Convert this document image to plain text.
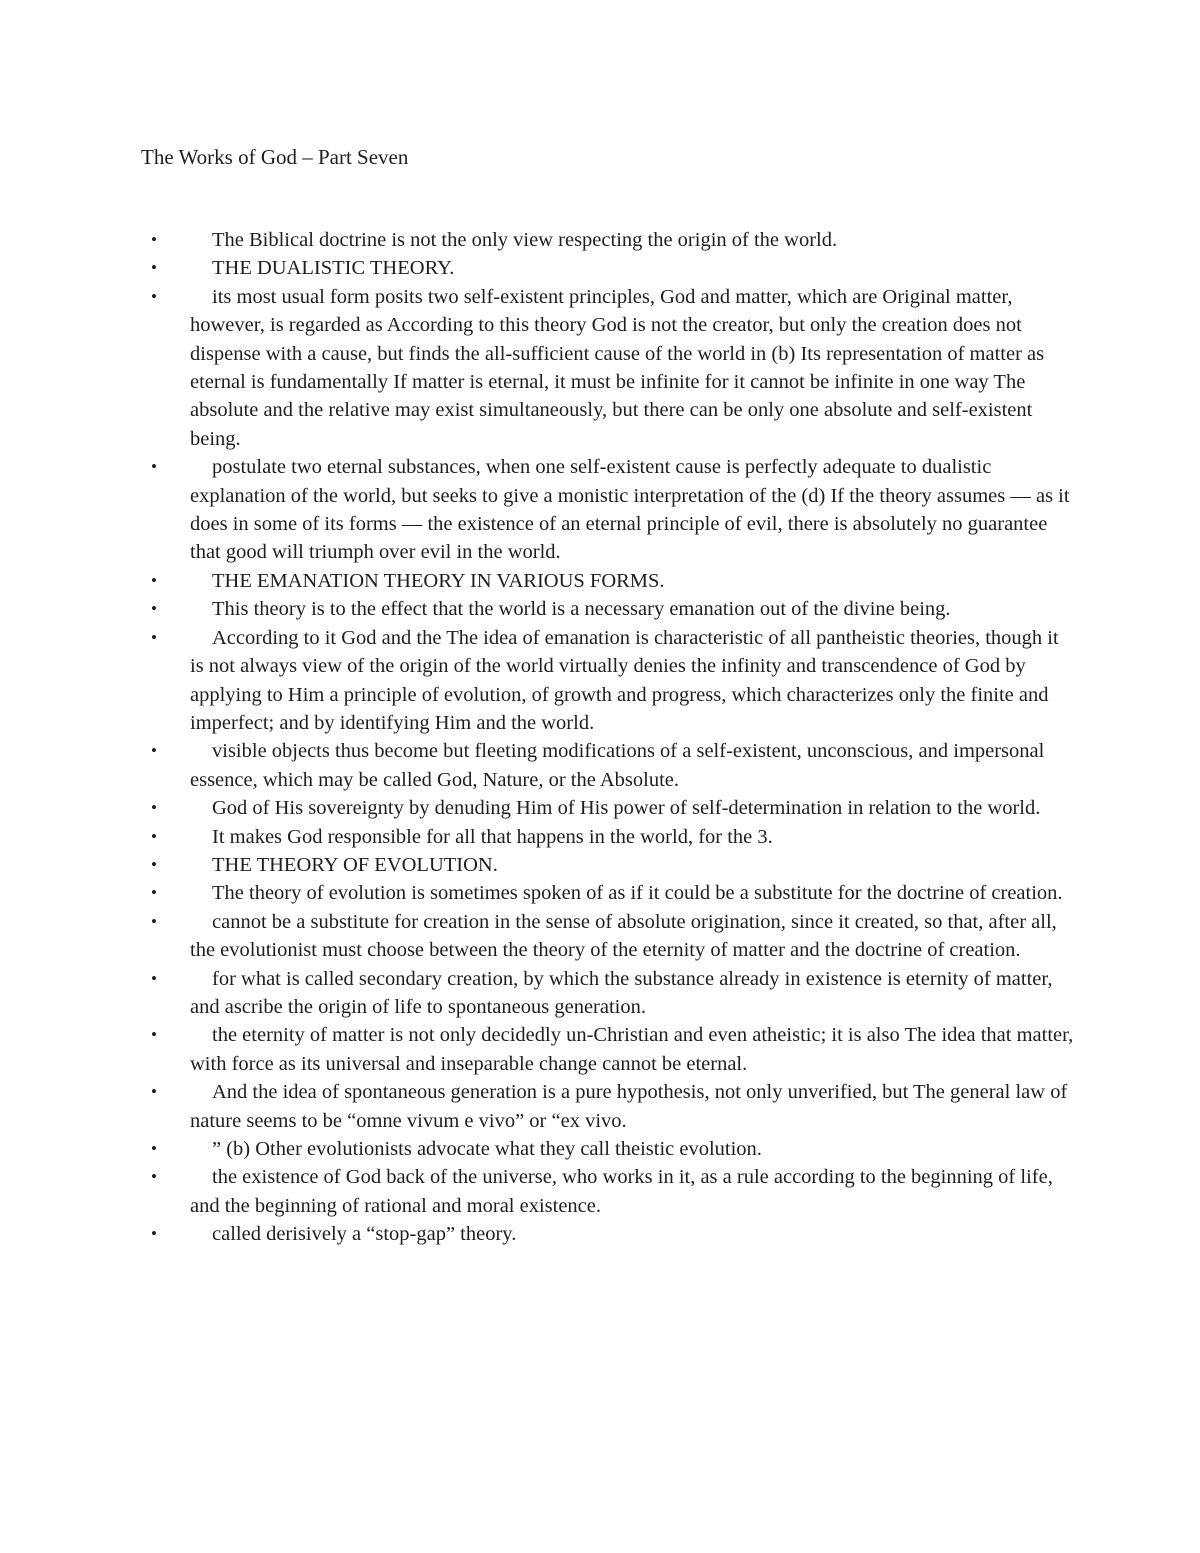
The Works of God – Part Seven
•	The Biblical doctrine is not the only view respecting the origin of the world.
•	THE DUALISTIC THEORY.
•	its most usual form posits two self-existent principles, God and matter, which are Original matter, however, is regarded as According to this theory God is not the creator, but only the creation does not dispense with a cause, but finds the all-sufficient cause of the world in (b) Its representation of matter as eternal is fundamentally If matter is eternal, it must be infinite for it cannot be infinite in one way The absolute and the relative may exist simultaneously, but there can be only one absolute and self-existent being.
•	postulate two eternal substances, when one self-existent cause is perfectly adequate to dualistic explanation of the world, but seeks to give a monistic interpretation of the (d) If the theory assumes — as it does in some of its forms — the existence of an eternal principle of evil, there is absolutely no guarantee that good will triumph over evil in the world.
•	THE EMANATION THEORY IN VARIOUS FORMS.
•	This theory is to the effect that the world is a necessary emanation out of the divine being.
•	According to it God and the The idea of emanation is characteristic of all pantheistic theories, though it is not always view of the origin of the world virtually denies the infinity and transcendence of God by applying to Him a principle of evolution, of growth and progress, which characterizes only the finite and imperfect; and by identifying Him and the world.
•	visible objects thus become but fleeting modifications of a self-existent, unconscious, and impersonal essence, which may be called God, Nature, or the Absolute.
•	God of His sovereignty by denuding Him of His power of self-determination in relation to the world.
•	It makes God responsible for all that happens in the world, for the 3.
•	THE THEORY OF EVOLUTION.
•	The theory of evolution is sometimes spoken of as if it could be a substitute for the doctrine of creation.
•	cannot be a substitute for creation in the sense of absolute origination, since it created, so that, after all, the evolutionist must choose between the theory of the eternity of matter and the doctrine of creation.
•	for what is called secondary creation, by which the substance already in existence is eternity of matter, and ascribe the origin of life to spontaneous generation.
•	the eternity of matter is not only decidedly un-Christian and even atheistic; it is also The idea that matter, with force as its universal and inseparable change cannot be eternal.
•	And the idea of spontaneous generation is a pure hypothesis, not only unverified, but The general law of nature seems to be “omne vivum e vivo” or “ex vivo.
•	” (b) Other evolutionists advocate what they call theistic evolution.
•	the existence of God back of the universe, who works in it, as a rule according to the beginning of life, and the beginning of rational and moral existence.
•	called derisively a “stop-gap” theory.
